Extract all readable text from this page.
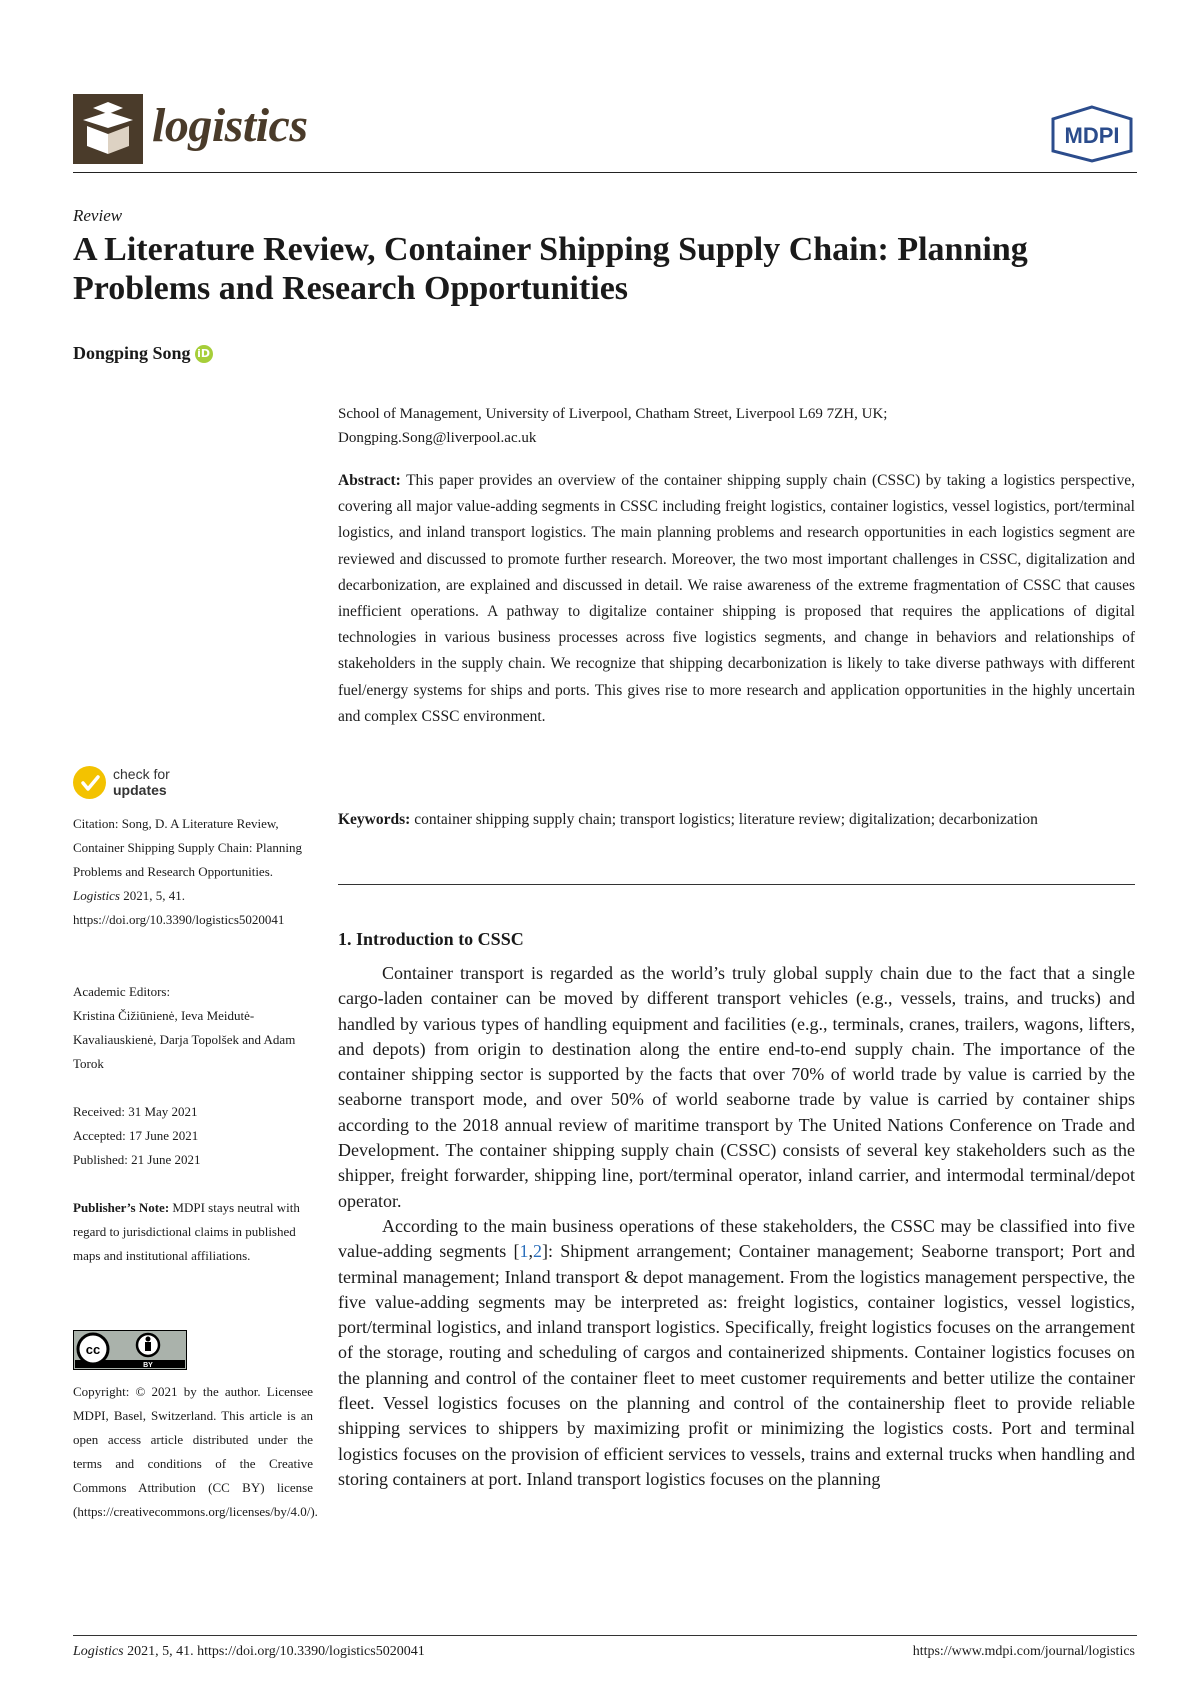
logistics	MDPI
Review
A Literature Review, Container Shipping Supply Chain: Planning Problems and Research Opportunities
Dongping Song iD
School of Management, University of Liverpool, Chatham Street, Liverpool L69 7ZH, UK;
Dongping.Song@liverpool.ac.uk

Abstract: This paper provides an overview of the container shipping supply chain (CSSC) by taking a logistics perspective, covering all major value-adding segments in CSSC including freight logistics, container logistics, vessel logistics, port/terminal logistics, and inland transport logistics. The main planning problems and research opportunities in each logistics segment are reviewed and discussed to promote further research. Moreover, the two most important challenges in CSSC, digitalization and decarbonization, are explained and discussed in detail. We raise awareness of the extreme fragmentation of CSSC that causes inefficient operations. A pathway to digitalize container shipping is proposed that requires the applications of digital technologies in various business processes across five logistics segments, and change in behaviors and relationships of stakeholders in the supply chain. We recognize that shipping decarbonization is likely to take diverse pathways with different fuel/energy systems for ships and ports. This gives rise to more research and application opportunities in the highly uncertain and complex CSSC environment.

Keywords: container shipping supply chain; transport logistics; literature review; digitalization; decarbonization

1. Introduction to CSSC

Container transport is regarded as the world’s truly global supply chain due to the fact that a single cargo-laden container can be moved by different transport vehicles (e.g., vessels, trains, and trucks) and handled by various types of handling equipment and facilities (e.g., terminals, cranes, trailers, wagons, lifters, and depots) from origin to destination along the entire end-to-end supply chain. The importance of the container shipping sector is supported by the facts that over 70% of world trade by value is carried by the seaborne transport mode, and over 50% of world seaborne trade by value is carried by container ships according to the 2018 annual review of maritime transport by The United Nations Conference on Trade and Development. The container shipping supply chain (CSSC) consists of several key stakeholders such as the shipper, freight forwarder, shipping line, port/terminal operator, inland carrier, and intermodal terminal/depot operator.

According to the main business operations of these stakeholders, the CSSC may be classified into five value-adding segments [1,2]: Shipment arrangement; Container management; Seaborne transport; Port and terminal management; Inland transport & depot management. From the logistics management perspective, the five value-adding segments may be interpreted as: freight logistics, container logistics, vessel logistics, port/terminal logistics, and inland transport logistics. Specifically, freight logistics focuses on the arrangement of the storage, routing and scheduling of cargos and containerized shipments. Container logistics focuses on the planning and control of the container fleet to meet customer requirements and better utilize the container fleet. Vessel logistics focuses on the planning and control of the containership fleet to provide reliable shipping services to shippers by maximizing profit or minimizing the logistics costs. Port and terminal logistics focuses on the provision of efficient services to vessels, trains and external trucks when handling and storing containers at port. Inland transport logistics focuses on the planning

check for
updates

Citation: Song, D. A Literature Review, Container Shipping Supply Chain: Planning Problems and Research Opportunities. Logistics 2021, 5, 41. https://doi.org/10.3390/logistics5020041

Academic Editors:
Kristina Čižiūnienė, Ieva Meidutė-Kavaliauskienė, Darja Topolšek and Adam Torok

Received: 31 May 2021
Accepted: 17 June 2021
Published: 21 June 2021

Publisher’s Note: MDPI stays neutral with regard to jurisdictional claims in published maps and institutional affiliations.

cc
BY

Copyright: © 2021 by the author. Licensee MDPI, Basel, Switzerland. This article is an open access article distributed under the terms and conditions of the Creative Commons Attribution (CC BY) license (https://creativecommons.org/licenses/by/4.0/).

Logistics 2021, 5, 41. https://doi.org/10.3390/logistics5020041	https://www.mdpi.com/journal/logistics
